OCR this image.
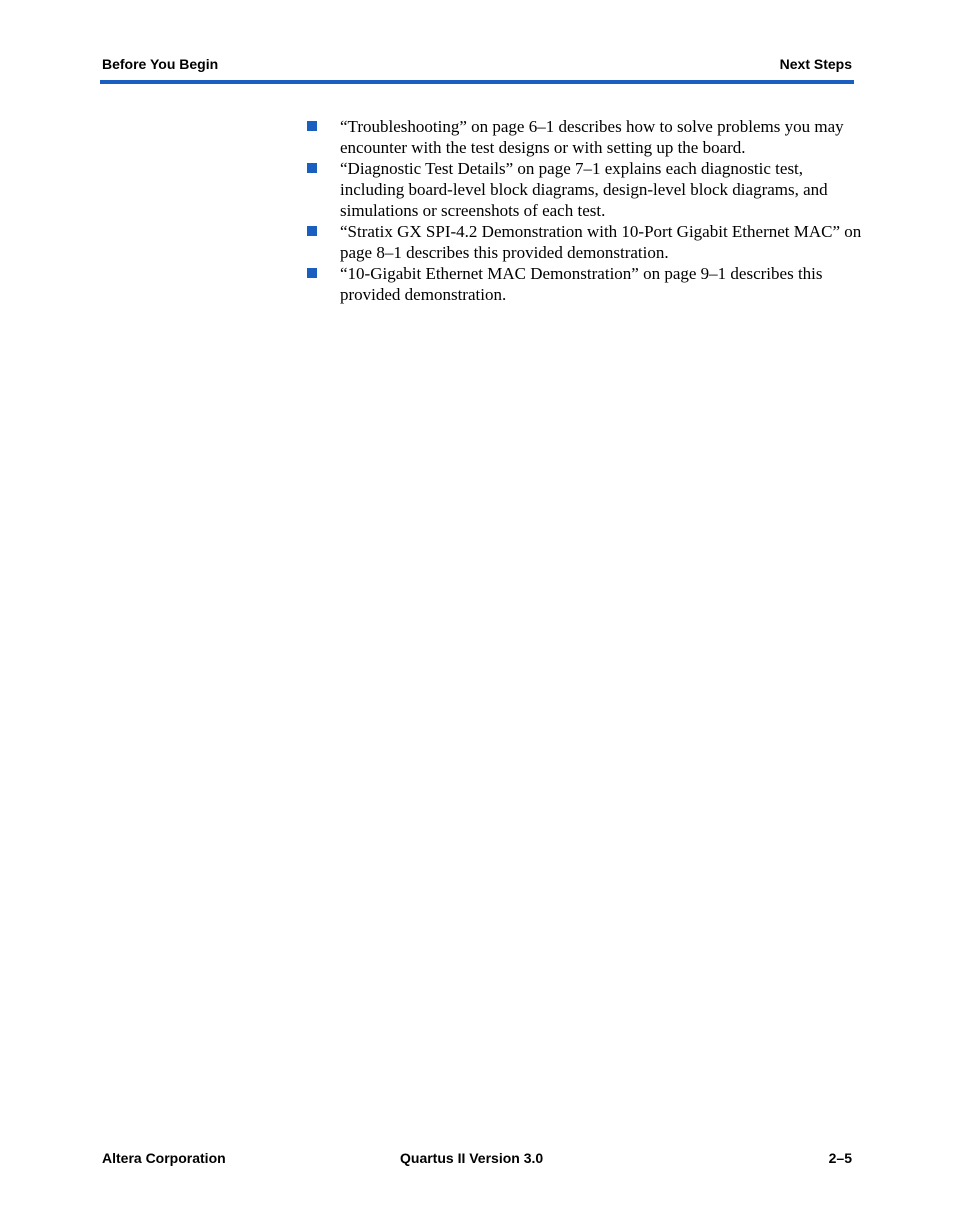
Before You Begin	Next Steps
“Troubleshooting” on page 6–1 describes how to solve problems you may encounter with the test designs or with setting up the board.
“Diagnostic Test Details” on page 7–1 explains each diagnostic test, including board-level block diagrams, design-level block diagrams, and simulations or screenshots of each test.
“Stratix GX SPI-4.2 Demonstration with 10-Port Gigabit Ethernet MAC” on page 8–1 describes this provided demonstration.
“10-Gigabit Ethernet MAC Demonstration” on page 9–1 describes this provided demonstration.
Altera Corporation	Quartus II Version 3.0	2–5
